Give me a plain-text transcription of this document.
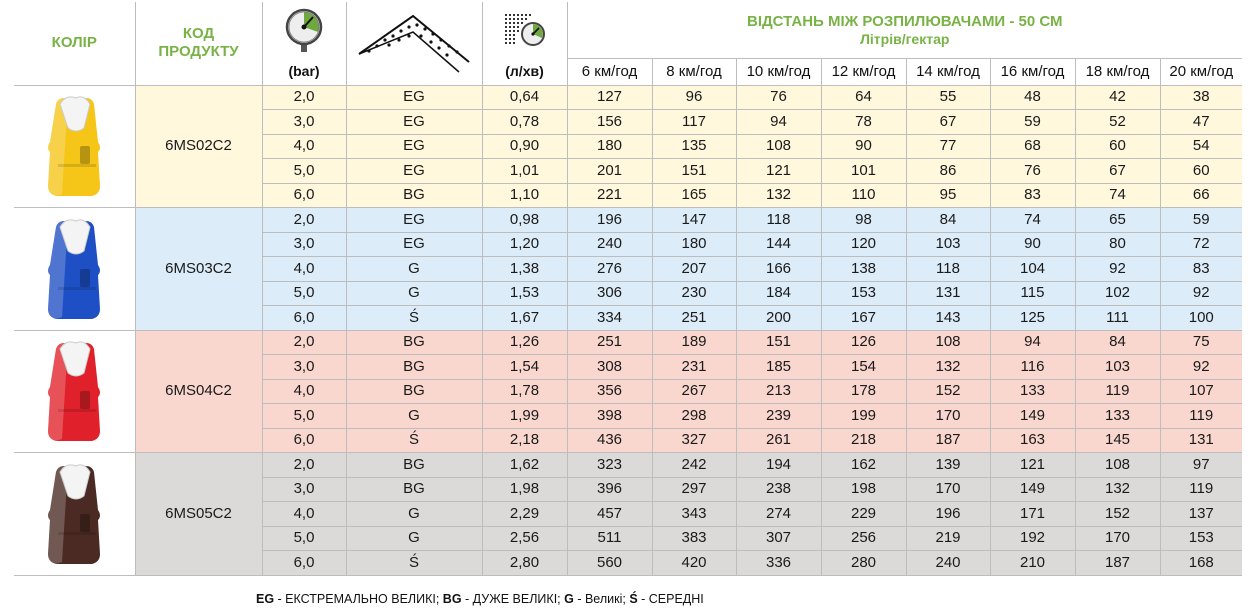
КОЛІР	КОД ПРОДУКТУ				ВІДСТАНЬ МІЖ РОЗПИЛЮВАЧАМИ - 50 СМ
Літрів/гектар							

		(bar)		(л/хв)	6 км/год	8 км/год	10 км/год	12 км/год	14 км/год	16 км/год	18 км/год	20 км/год

	6MS02C2	2,0	EG	0,64	127	96	76	64	55	48	42	38
		3,0	EG	0,78	156	117	94	78	67	59	52	47
		4,0	EG	0,90	180	135	108	90	77	68	60	54
		5,0	EG	1,01	201	151	121	101	86	76	67	60
		6,0	BG	1,10	221	165	132	110	95	83	74	66

	6MS03C2	2,0	EG	0,98	196	147	118	98	84	74	65	59
		3,0	EG	1,20	240	180	144	120	103	90	80	72
		4,0	G	1,38	276	207	166	138	118	104	92	83
		5,0	G	1,53	306	230	184	153	131	115	102	92
		6,0	Ś	1,67	334	251	200	167	143	125	111	100

	6MS04C2	2,0	BG	1,26	251	189	151	126	108	94	84	75
		3,0	BG	1,54	308	231	185	154	132	116	103	92
		4,0	BG	1,78	356	267	213	178	152	133	119	107
		5,0	G	1,99	398	298	239	199	170	149	133	119
		6,0	Ś	2,18	436	327	261	218	187	163	145	131

	6MS05C2	2,0	BG	1,62	323	242	194	162	139	121	108	97
		3,0	BG	1,98	396	297	238	198	170	149	132	119
		4,0	G	2,29	457	343	274	229	196	171	152	137
		5,0	G	2,56	511	383	307	256	219	192	170	153
		6,0	Ś	2,80	560	420	336	280	240	210	187	168
EG - ЕКСТРЕМАЛЬНО ВЕЛИКІ; BG - ДУЖЕ ВЕЛИКІ; G - Великі; Ś - СЕРЕДНІ
